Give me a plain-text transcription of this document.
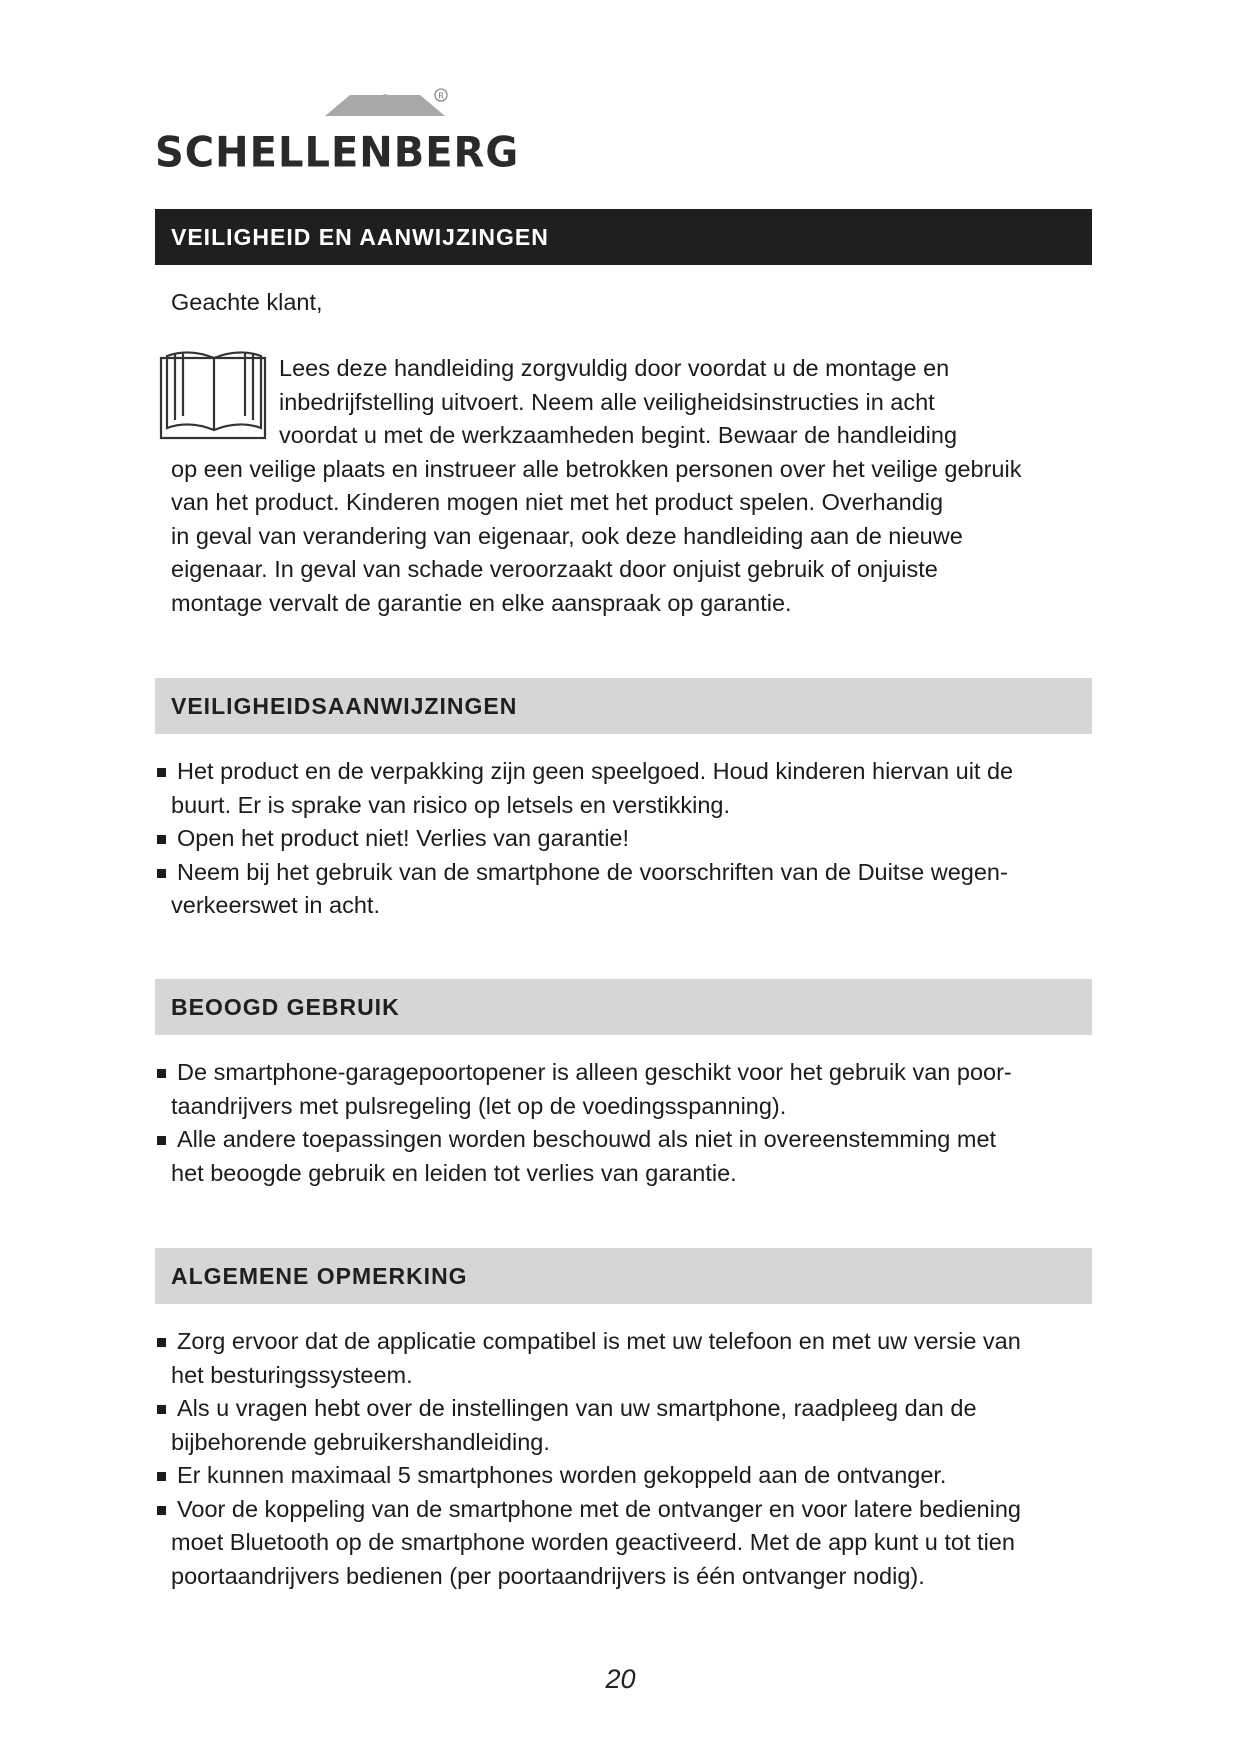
R
SCHELLENBERG
VEILIGHEID EN AANWIJZINGEN
Geachte klant,
Lees deze handleiding zorgvuldig door voordat u de montage en
inbedrijfstelling uitvoert. Neem alle veiligheidsinstructies in acht
voordat u met de werkzaamheden begint. Bewaar de handleiding
op een veilige plaats en instrueer alle betrokken personen over het veilige gebruik
van het product. Kinderen mogen niet met het product spelen. Overhandig
in geval van verandering van eigenaar, ook deze handleiding aan de nieuwe
eigenaar. In geval van schade veroorzaakt door onjuist gebruik of onjuiste
montage vervalt de garantie en elke aanspraak op garantie.
VEILIGHEIDSAANWIJZINGEN
Het product en de verpakking zijn geen speelgoed. Houd kinderen hiervan uit de
buurt. Er is sprake van risico op letsels en verstikking.
Open het product niet! Verlies van garantie!
Neem bij het gebruik van de smartphone de voorschriften van de Duitse wegen-
verkeerswet in acht.
BEOOGD GEBRUIK
De smartphone-garagepoortopener is alleen geschikt voor het gebruik van poor-
taandrijvers met pulsregeling (let op de voedingsspanning).
Alle andere toepassingen worden beschouwd als niet in overeenstemming met
het beoogde gebruik en leiden tot verlies van garantie.
ALGEMENE OPMERKING
Zorg ervoor dat de applicatie compatibel is met uw telefoon en met uw versie van
het besturingssysteem.
Als u vragen hebt over de instellingen van uw smartphone, raadpleeg dan de
bijbehorende gebruikershandleiding.
Er kunnen maximaal 5 smartphones worden gekoppeld aan de ontvanger.
Voor de koppeling van de smartphone met de ontvanger en voor latere bediening
moet Bluetooth op de smartphone worden geactiveerd. Met de app kunt u tot tien
poortaandrijvers bedienen (per poortaandrijvers is één ontvanger nodig).
20
